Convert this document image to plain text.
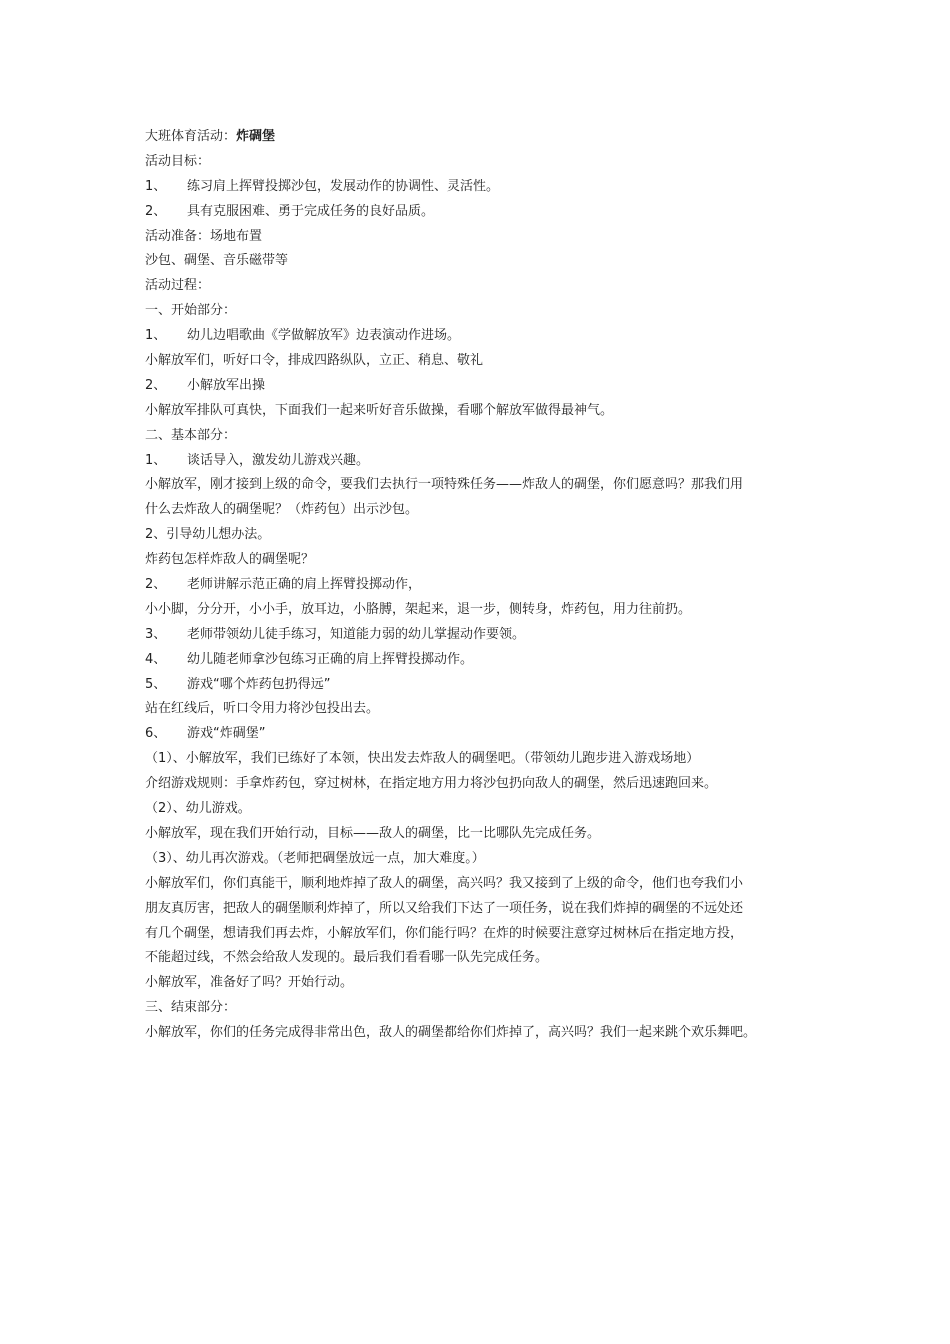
大班体育活动：炸碉堡
活动目标：
1、 练习肩上挥臂投掷沙包，发展动作的协调性、灵活性。
2、 具有克服困难、勇于完成任务的良好品质。
活动准备：场地布置
沙包、碉堡、音乐磁带等
活动过程：
一、开始部分：
1、 幼儿边唱歌曲《学做解放军》边表演动作进场。
小解放军们，听好口令，排成四路纵队，立正、稍息、敬礼
2、 小解放军出操
小解放军排队可真快，下面我们一起来听好音乐做操，看哪个解放军做得最神气。
二、基本部分：
1、 谈话导入，激发幼儿游戏兴趣。
小解放军，刚才接到上级的命令，要我们去执行一项特殊任务——炸敌人的碉堡，你们愿意吗？那我们用
什么去炸敌人的碉堡呢？（炸药包）出示沙包。
2、引导幼儿想办法。
炸药包怎样炸敌人的碉堡呢？
2、 老师讲解示范正确的肩上挥臂投掷动作，
小小脚，分分开，小小手，放耳边，小胳膊，架起来，退一步，侧转身，炸药包，用力往前扔。
3、 老师带领幼儿徒手练习，知道能力弱的幼儿掌握动作要领。
4、 幼儿随老师拿沙包练习正确的肩上挥臂投掷动作。
5、 游戏“哪个炸药包扔得远”
站在红线后，听口令用力将沙包投出去。
6、 游戏“炸碉堡”
（1）、小解放军，我们已练好了本领，快出发去炸敌人的碉堡吧。（带领幼儿跑步进入游戏场地）
介绍游戏规则：手拿炸药包，穿过树林，在指定地方用力将沙包扔向敌人的碉堡，然后迅速跑回来。
（2）、幼儿游戏。
小解放军，现在我们开始行动，目标——敌人的碉堡，比一比哪队先完成任务。
（3）、幼儿再次游戏。（老师把碉堡放远一点，加大难度。）
小解放军们，你们真能干，顺利地炸掉了敌人的碉堡，高兴吗？我又接到了上级的命令，他们也夸我们小
朋友真厉害，把敌人的碉堡顺利炸掉了，所以又给我们下达了一项任务，说在我们炸掉的碉堡的不远处还
有几个碉堡，想请我们再去炸，小解放军们，你们能行吗？在炸的时候要注意穿过树林后在指定地方投，
不能超过线，不然会给敌人发现的。最后我们看看哪一队先完成任务。
小解放军，准备好了吗？开始行动。
三、结束部分：
小解放军，你们的任务完成得非常出色，敌人的碉堡都给你们炸掉了，高兴吗？我们一起来跳个欢乐舞吧。
